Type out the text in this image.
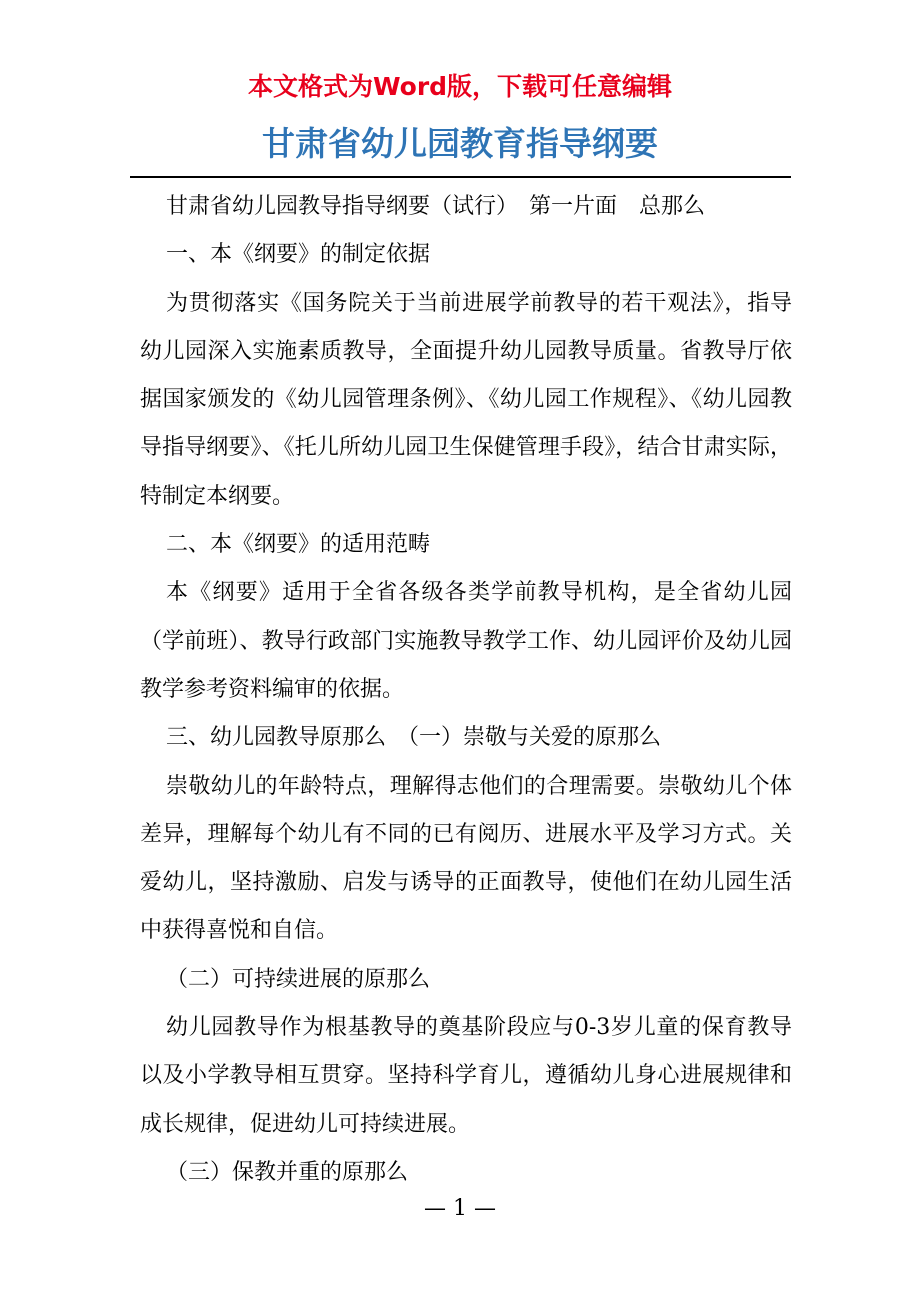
本文格式为Word版，下载可任意编辑
甘肃省幼儿园教育指导纲要

甘肃省幼儿园教导指导纲要（试行）　第一片面　总那么

一、本《纲要》的制定依据

为贯彻落实《国务院关于当前进展学前教导的若干观法》，指导幼儿园深入实施素质教导，全面提升幼儿园教导质量。省教导厅依据国家颁发的《幼儿园管理条例》、《幼儿园工作规程》、《幼儿园教导指导纲要》、《托儿所幼儿园卫生保健管理手段》，结合甘肃实际，特制定本纲要。

二、本《纲要》的适用范畴

本《纲要》适用于全省各级各类学前教导机构，是全省幼儿园（学前班）、教导行政部门实施教导教学工作、幼儿园评价及幼儿园教学参考资料编审的依据。

三、幼儿园教导原那么　（一）崇敬与关爱的原那么

崇敬幼儿的年龄特点，理解得志他们的合理需要。崇敬幼儿个体差异，理解每个幼儿有不同的已有阅历、进展水平及学习方式。关爱幼儿，坚持激励、启发与诱导的正面教导，使他们在幼儿园生活中获得喜悦和自信。

（二）可持续进展的原那么

幼儿园教导作为根基教导的奠基阶段应与0-3岁儿童的保育教导以及小学教导相互贯穿。坚持科学育儿，遵循幼儿身心进展规律和成长规律，促进幼儿可持续进展。

（三）保教并重的原那么

— 1 —
